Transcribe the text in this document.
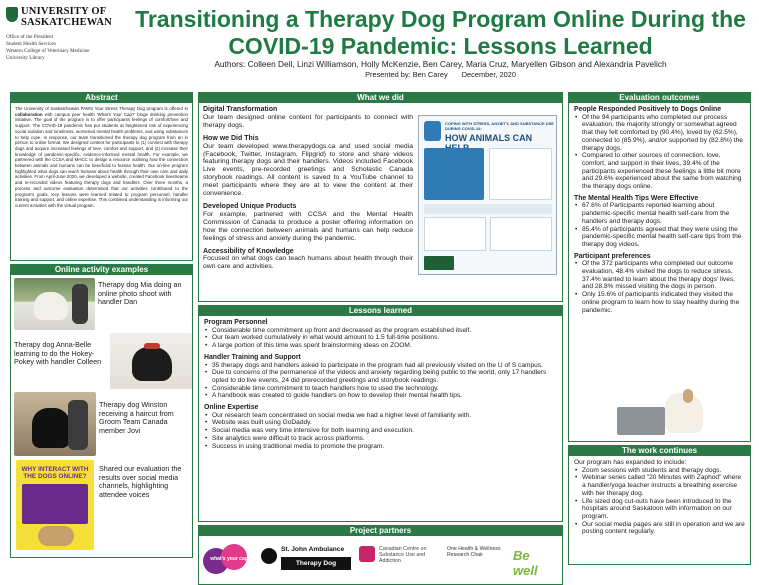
UNIVERSITY OF
SASKATCHEWAN
Office of the President
Student Health Services
Western College of Veterinary Medicine
University Library
Transitioning a Therapy Dog Program Online During the COVID-19 Pandemic: Lessons Learned
Authors: Colleen Dell, Linzi Williamson, Holly McKenzie, Ben Carey, Maria Cruz, Maryellen Gibson and Alexandria Pavelich
Presented by: Ben Carey December, 2020
Abstract
The University of Saskatchewan PAWS Your Stress Therapy Dog program is offered in collaboration with campus peer health 'What's Your Cap?' binge drinking prevention initiative. The goal of the program is to offer participants feelings of comfort/love and support. The COVID-19 pandemic has put students at heightened risk of experiencing social isolation and loneliness, worsened mental health problems, and using substances to help cope. In response, our team transitioned the therapy dog program from an in person to online format. We designed content for participants to (1) connect with therapy dogs and acquire increased feelings of love, comfort and support, and (2) increase their knowledge of pandemic-specific, evidence-informed mental health. For example, we partnered with the CCSA and MHCC to design a resource outlining how the connection between animals and humans can be beneficial to human health. Our on-line program highlighted what dogs can teach humans about health through their own care and daily activities. From April-June 2020, we developed a website, created Facebook livestreams and re-recorded videos featuring therapy dogs and handlers. Over three months, a process and outcome evaluation determined that our activities contributed to the program's goals. Key lessons were learned related to program personnel, handler training and support, and online expertise. This combined understanding is informing our current activities with the virtual program.
Online activity examples
Therapy dog Mia doing an online photo shoot with handler Dan
Therapy dog Anna-Belle learning to do the Hokey-Pokey with handler Colleen
Therapy dog Winston receiving a haircut from Groom Team Canada member Jovi
WHY INTERACT WITH
THE DOGS ONLINE?
Shared our evaluation the results over social media channels, highlighting attendee voices
What we did
Digital Transformation

Our team designed online content for participants to connect with therapy dogs.

How we Did This

Our team developed www.therapydogs.ca and used social media (Facebook, Twitter, Instagram, Flipgrid) to store and share videos featuring therapy dogs and their handlers. Videos included Facebook Live events, pre-recorded greetings and Scholastic Canada storybook readings. All content is saved to a YouTube channel to meet participants where they are at to view the content at their convenience.

Developed Unique Products

For example, partnered with CCSA and the Mental Health Commission of Canada to produce a poster offering information on how the connection between animals and humans can help reduce feelings of stress and anxiety during the pandemic.

Accessibility of Knowledge

Focused on what dogs can teach humans about health through their own care and activities.

COPING WITH STRESS, ANXIETY, AND SUBSTANCE USE DURING COVID-19:
HOW ANIMALS CAN
Lessons learned
Program Personnel
• Considerable time commitment up front and decreased as the program established itself.
• Our team worked cumulatively in what would amount to 1.5 full-time positions.
• A large portion of this time was spent brainstorming ideas on ZOOM.
Handler Training and Support
• 35 therapy dogs and handlers asked to participate in the program had all previously visited on the U of S campus.
• Due to concerns of the permanence of the videos and anxiety regarding being public to the world, only 17 handlers opted to do live events, 24 did prerecorded greetings and storybook readings.
• Considerable time commitment to teach handlers how to used the technology.
• A handbook was created to guide handlers on how to develop their mental health tips.
Online Expertise
• Our research team concentrated on social media we had a higher level of familiarity with.
• Website was built using GoDaddy.
• Social media was very time intensive for both learning and execution.
• Site analytics were difficult to track across platforms.
• Success in using traditional media to promote the program.
Project partners
what's your cap
St. John Ambulance
Therapy Dog
Canadian Centre on Substance Use and Addiction
One Health & Wellness Research Chair	Be well
Evaluation outcomes
People Responded Positively to Dogs Online
• Of the 94 participants who completed our process evaluation, the majority strongly or somewhat agreed that they felt comforted by (90.4%), loved by (62.5%), connected to (85.9%), and/or supported by (82.8%) the therapy dogs.
• Compared to other sources of connection, love, comfort, and support in their lives, 39.4% of the participants experienced these feelings a little bit more and 29.6% experienced about the same from watching the therapy dogs online.
The Mental Health Tips Were Effective
• 67.6% of Participants reported learning about pandemic-specific mental health self-care from the handlers and therapy dogs.
• 85.4% of participants agreed that they were using the pandemic-specific mental health self-care tips from the therapy dog videos.
Participant preferences
• Of the 372 participants who completed our outcome evaluation, 48.4% visited the dogs to reduce stress, 37.4% wanted to learn about the therapy dogs' lives, and 28.8% missed visiting the dogs in person.
• Only 15.6% of participants indicated they visited the online program to learn how to stay healthy during the pandemic.
The work continues

Our program has expanded to include:

• Zoom sessions with students and therapy dogs.
• Webinar series called "20 Minutes with Zaphod" where a handler/yoga teacher instructs a breathing exercise with her therapy dog.
• Life sized dog cut-outs have been introduced to the hospitals around Saskatoon with information on our program.
• Our social media pages are still in operation and we are posting content regularly.
